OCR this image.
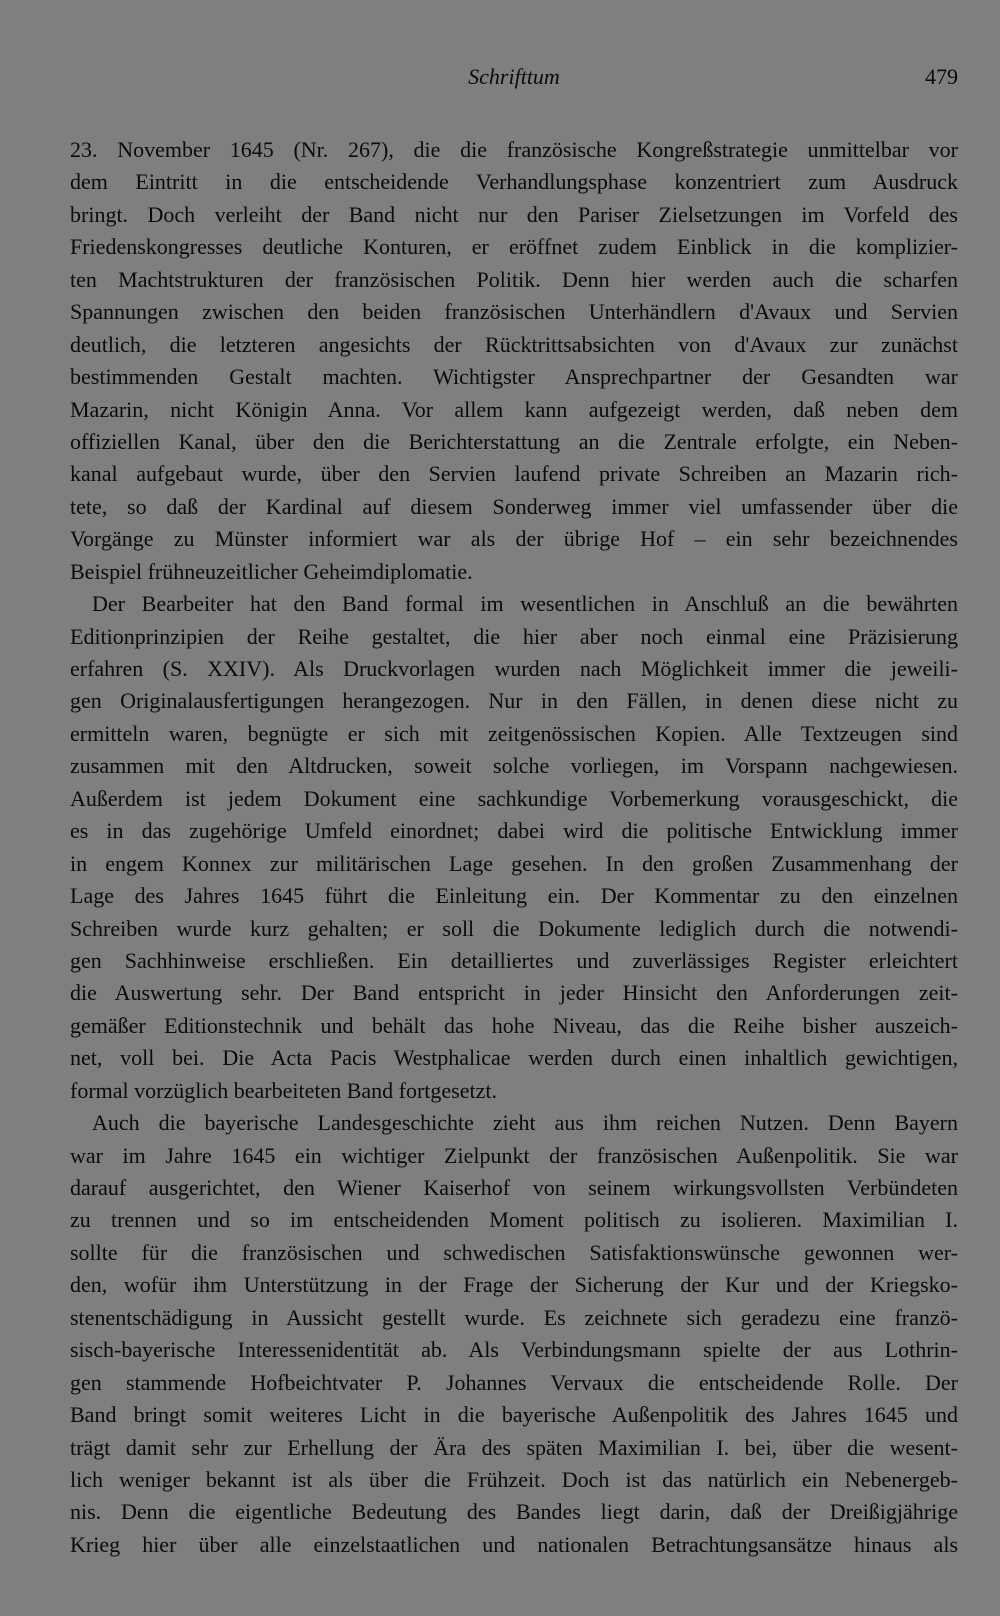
Schrifttum	479
23. November 1645 (Nr. 267), die die französische Kongreßstrategie unmittelbar vor
dem Eintritt in die entscheidende Verhandlungsphase konzentriert zum Ausdruck
bringt. Doch verleiht der Band nicht nur den Pariser Zielsetzungen im Vorfeld des
Friedenskongresses deutliche Konturen, er eröffnet zudem Einblick in die komplizier-
ten Machtstrukturen der französischen Politik. Denn hier werden auch die scharfen
Spannungen zwischen den beiden französischen Unterhändlern d'Avaux und Servien
deutlich, die letzteren angesichts der Rücktrittsabsichten von d'Avaux zur zunächst
bestimmenden Gestalt machten. Wichtigster Ansprechpartner der Gesandten war
Mazarin, nicht Königin Anna. Vor allem kann aufgezeigt werden, daß neben dem
offiziellen Kanal, über den die Berichterstattung an die Zentrale erfolgte, ein Neben-
kanal aufgebaut wurde, über den Servien laufend private Schreiben an Mazarin rich-
tete, so daß der Kardinal auf diesem Sonderweg immer viel umfassender über die
Vorgänge zu Münster informiert war als der übrige Hof – ein sehr bezeichnendes
Beispiel frühneuzeitlicher Geheimdiplomatie.
Der Bearbeiter hat den Band formal im wesentlichen in Anschluß an die bewährten
Editionprinzipien der Reihe gestaltet, die hier aber noch einmal eine Präzisierung
erfahren (S. XXIV). Als Druckvorlagen wurden nach Möglichkeit immer die jeweili-
gen Originalausfertigungen herangezogen. Nur in den Fällen, in denen diese nicht zu
ermitteln waren, begnügte er sich mit zeitgenössischen Kopien. Alle Textzeugen sind
zusammen mit den Altdrucken, soweit solche vorliegen, im Vorspann nachgewiesen.
Außerdem ist jedem Dokument eine sachkundige Vorbemerkung vorausgeschickt, die
es in das zugehörige Umfeld einordnet; dabei wird die politische Entwicklung immer
in engem Konnex zur militärischen Lage gesehen. In den großen Zusammenhang der
Lage des Jahres 1645 führt die Einleitung ein. Der Kommentar zu den einzelnen
Schreiben wurde kurz gehalten; er soll die Dokumente lediglich durch die notwendi-
gen Sachhinweise erschließen. Ein detailliertes und zuverlässiges Register erleichtert
die Auswertung sehr. Der Band entspricht in jeder Hinsicht den Anforderungen zeit-
gemäßer Editionstechnik und behält das hohe Niveau, das die Reihe bisher auszeich-
net, voll bei. Die Acta Pacis Westphalicae werden durch einen inhaltlich gewichtigen,
formal vorzüglich bearbeiteten Band fortgesetzt.
Auch die bayerische Landesgeschichte zieht aus ihm reichen Nutzen. Denn Bayern
war im Jahre 1645 ein wichtiger Zielpunkt der französischen Außenpolitik. Sie war
darauf ausgerichtet, den Wiener Kaiserhof von seinem wirkungsvollsten Verbündeten
zu trennen und so im entscheidenden Moment politisch zu isolieren. Maximilian I.
sollte für die französischen und schwedischen Satisfaktionswünsche gewonnen wer-
den, wofür ihm Unterstützung in der Frage der Sicherung der Kur und der Kriegsko-
stenentschädigung in Aussicht gestellt wurde. Es zeichnete sich geradezu eine franzö-
sisch-bayerische Interessenidentität ab. Als Verbindungsmann spielte der aus Lothrin-
gen stammende Hofbeichtvater P. Johannes Vervaux die entscheidende Rolle. Der
Band bringt somit weiteres Licht in die bayerische Außenpolitik des Jahres 1645 und
trägt damit sehr zur Erhellung der Ära des späten Maximilian I. bei, über die wesent-
lich weniger bekannt ist als über die Frühzeit. Doch ist das natürlich ein Nebenergeb-
nis. Denn die eigentliche Bedeutung des Bandes liegt darin, daß der Dreißigjährige
Krieg hier über alle einzelstaatlichen und nationalen Betrachtungsansätze hinaus als
